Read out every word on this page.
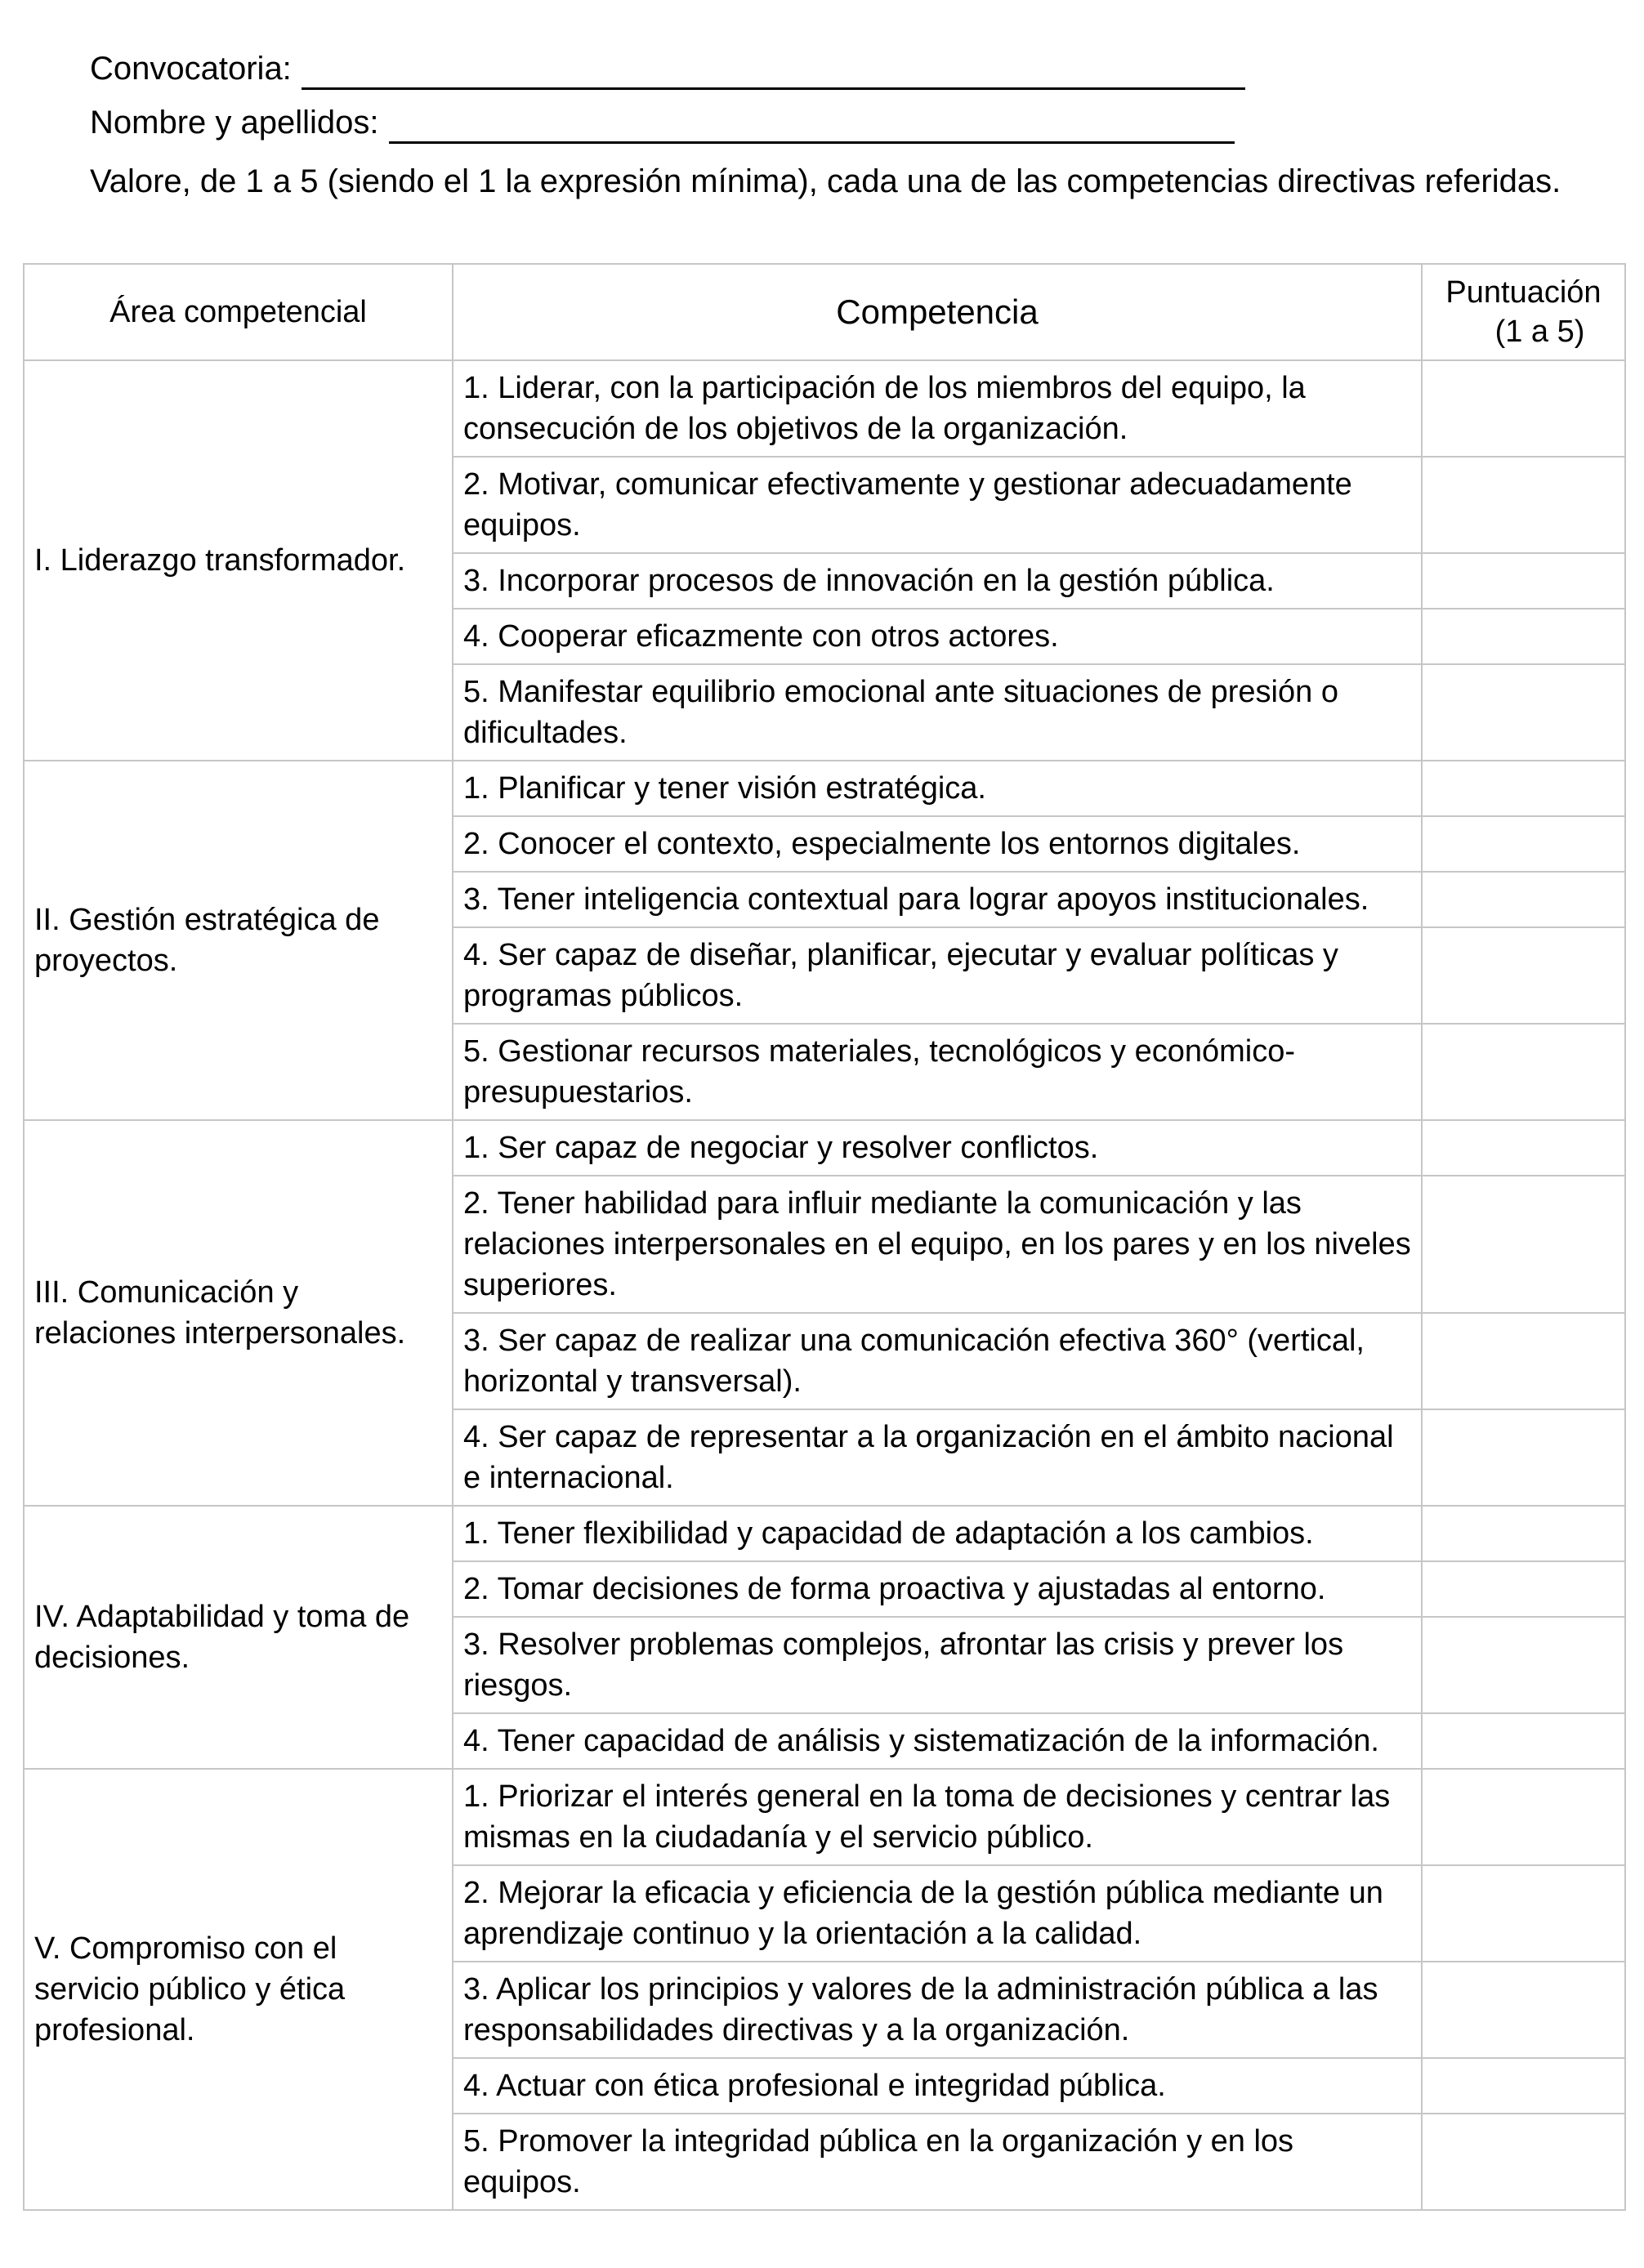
Convocatoria:
Nombre y apellidos:
Valore, de 1 a 5 (siendo el 1 la expresión mínima), cada una de las competencias directivas referidas.
Área competencial	Competencia	Puntuación
(1 a 5)

I. Liderazgo transformador.	1. Liderar, con la participación de los miembros del equipo, la consecución de los objetivos de la organización.	
	2. Motivar, comunicar efectivamente y gestionar adecuadamente equipos.	
	3. Incorporar procesos de innovación en la gestión pública.	
	4. Cooperar eficazmente con otros actores.	
	5. Manifestar equilibrio emocional ante situaciones de presión o dificultades.	
II. Gestión estratégica de proyectos.	1. Planificar y tener visión estratégica.	
	2. Conocer el contexto, especialmente los entornos digitales.	
	3. Tener inteligencia contextual para lograr apoyos institucionales.	
	4. Ser capaz de diseñar, planificar, ejecutar y evaluar políticas y programas públicos.	
	5. Gestionar recursos materiales, tecnológicos y económico-presupuestarios.	
III. Comunicación y relaciones interpersonales.	1. Ser capaz de negociar y resolver conflictos.	
	2. Tener habilidad para influir mediante la comunicación y las relaciones interpersonales en el equipo, en los pares y en los niveles superiores.	
	3. Ser capaz de realizar una comunicación efectiva 360° (vertical, horizontal y transversal).	
	4. Ser capaz de representar a la organización en el ámbito nacional e internacional.	
IV. Adaptabilidad y toma de decisiones.	1. Tener flexibilidad y capacidad de adaptación a los cambios.	
	2. Tomar decisiones de forma proactiva y ajustadas al entorno.	
	3. Resolver problemas complejos, afrontar las crisis y prever los riesgos.	
	4. Tener capacidad de análisis y sistematización de la información.	
V. Compromiso con el servicio público y ética profesional.	1. Priorizar el interés general en la toma de decisiones y centrar las mismas en la ciudadanía y el servicio público.	
	2. Mejorar la eficacia y eficiencia de la gestión pública mediante un aprendizaje continuo y la orientación a la calidad.	
	3. Aplicar los principios y valores de la administración pública a las responsabilidades directivas y a la organización.	
	4. Actuar con ética profesional e integridad pública.	
	5. Promover la integridad pública en la organización y en los equipos.	
